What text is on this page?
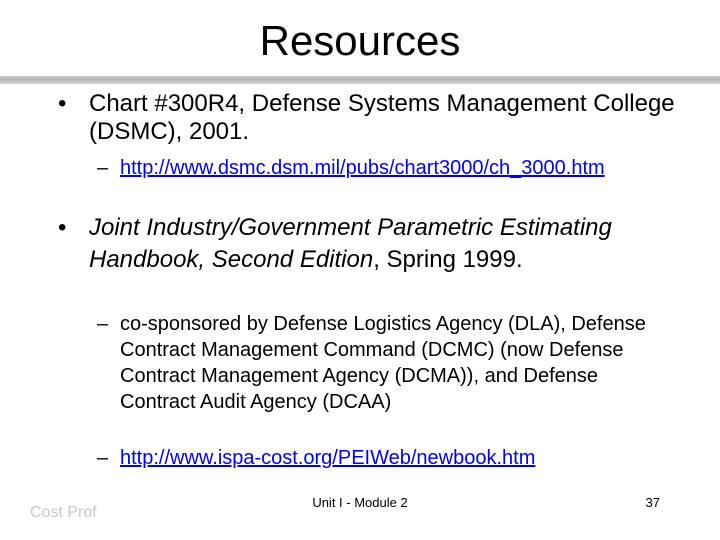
Resources
• Chart #300R4, Defense Systems Management College (DSMC), 2001.
– http://www.dsmc.dsm.mil/pubs/chart3000/ch_3000.htm
• Joint Industry/Government Parametric Estimating Handbook, Second Edition, Spring 1999.
– co-sponsored by Defense Logistics Agency (DLA), Defense Contract Management Command (DCMC) (now Defense Contract Management Agency (DCMA)), and Defense Contract Audit Agency (DCAA)
– http://www.ispa-cost.org/PEIWeb/newbook.htm
Cost Prof
Unit I - Module 2	37
